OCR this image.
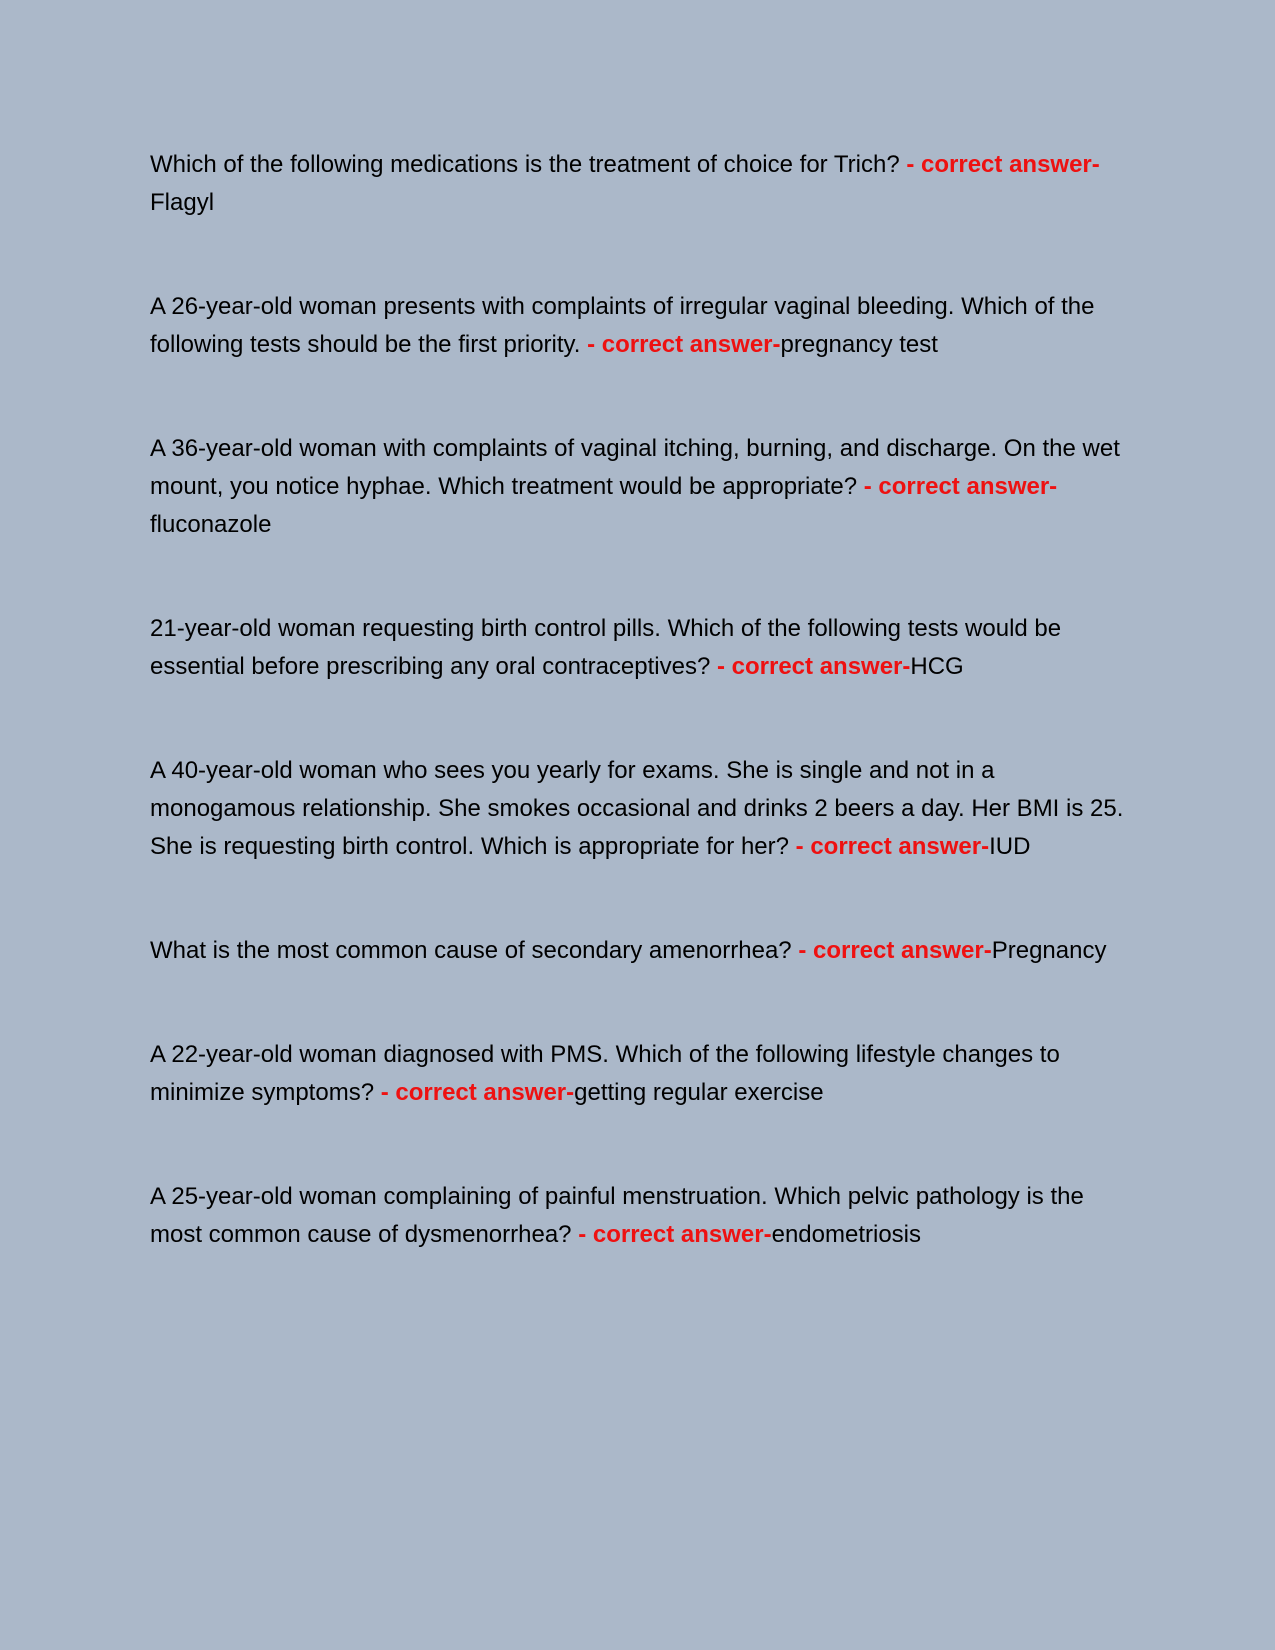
Which of the following medications is the treatment of choice for Trich? - correct answer-Flagyl

A 26-year-old woman presents with complaints of irregular vaginal bleeding. Which of the following tests should be the first priority. - correct answer-pregnancy test

A 36-year-old woman with complaints of vaginal itching, burning, and discharge. On the wet mount, you notice hyphae. Which treatment would be appropriate? - correct answer-fluconazole

21-year-old woman requesting birth control pills. Which of the following tests would be essential before prescribing any oral contraceptives? - correct answer-HCG

A 40-year-old woman who sees you yearly for exams. She is single and not in a monogamous relationship. She smokes occasional and drinks 2 beers a day. Her BMI is 25. She is requesting birth control. Which is appropriate for her? - correct answer-IUD

What is the most common cause of secondary amenorrhea? - correct answer-Pregnancy

A 22-year-old woman diagnosed with PMS. Which of the following lifestyle changes to minimize symptoms? - correct answer-getting regular exercise

A 25-year-old woman complaining of painful menstruation. Which pelvic pathology is the most common cause of dysmenorrhea? - correct answer-endometriosis
